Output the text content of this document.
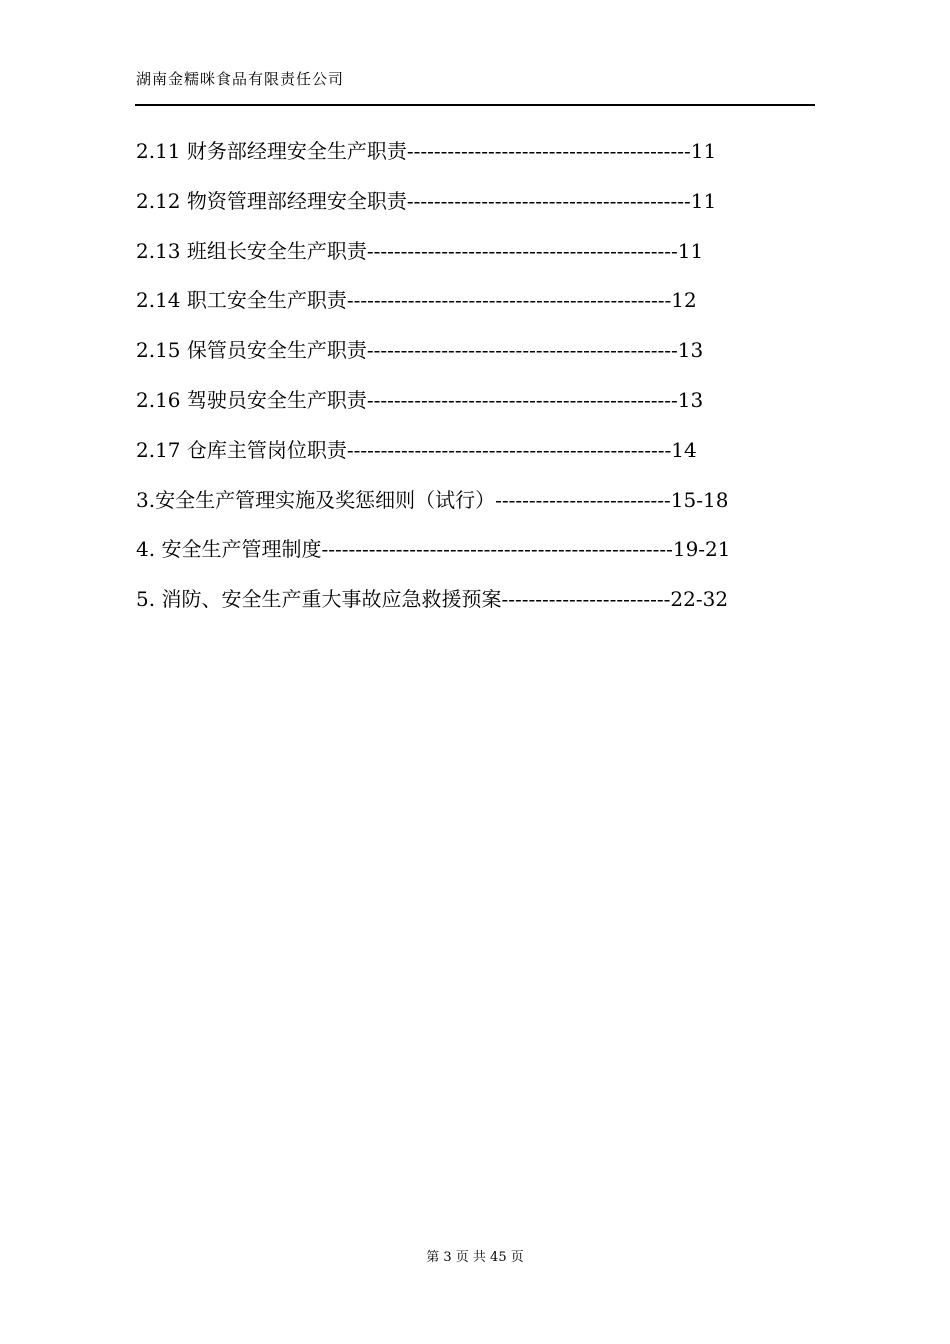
湖南金糯咪食品有限责任公司
2.11 财务部经理安全生产职责------------------------------------------11
2.12 物资管理部经理安全职责------------------------------------------11
2.13 班组长安全生产职责----------------------------------------------11
2.14 职工安全生产职责------------------------------------------------12
2.15 保管员安全生产职责----------------------------------------------13
2.16 驾驶员安全生产职责----------------------------------------------13
2.17 仓库主管岗位职责------------------------------------------------14
3.安全生产管理实施及奖惩细则（试行）--------------------------15-18
4. 安全生产管理制度----------------------------------------------------19-21
5. 消防、安全生产重大事故应急救援预案-------------------------22-32
第 3 页 共 45 页
